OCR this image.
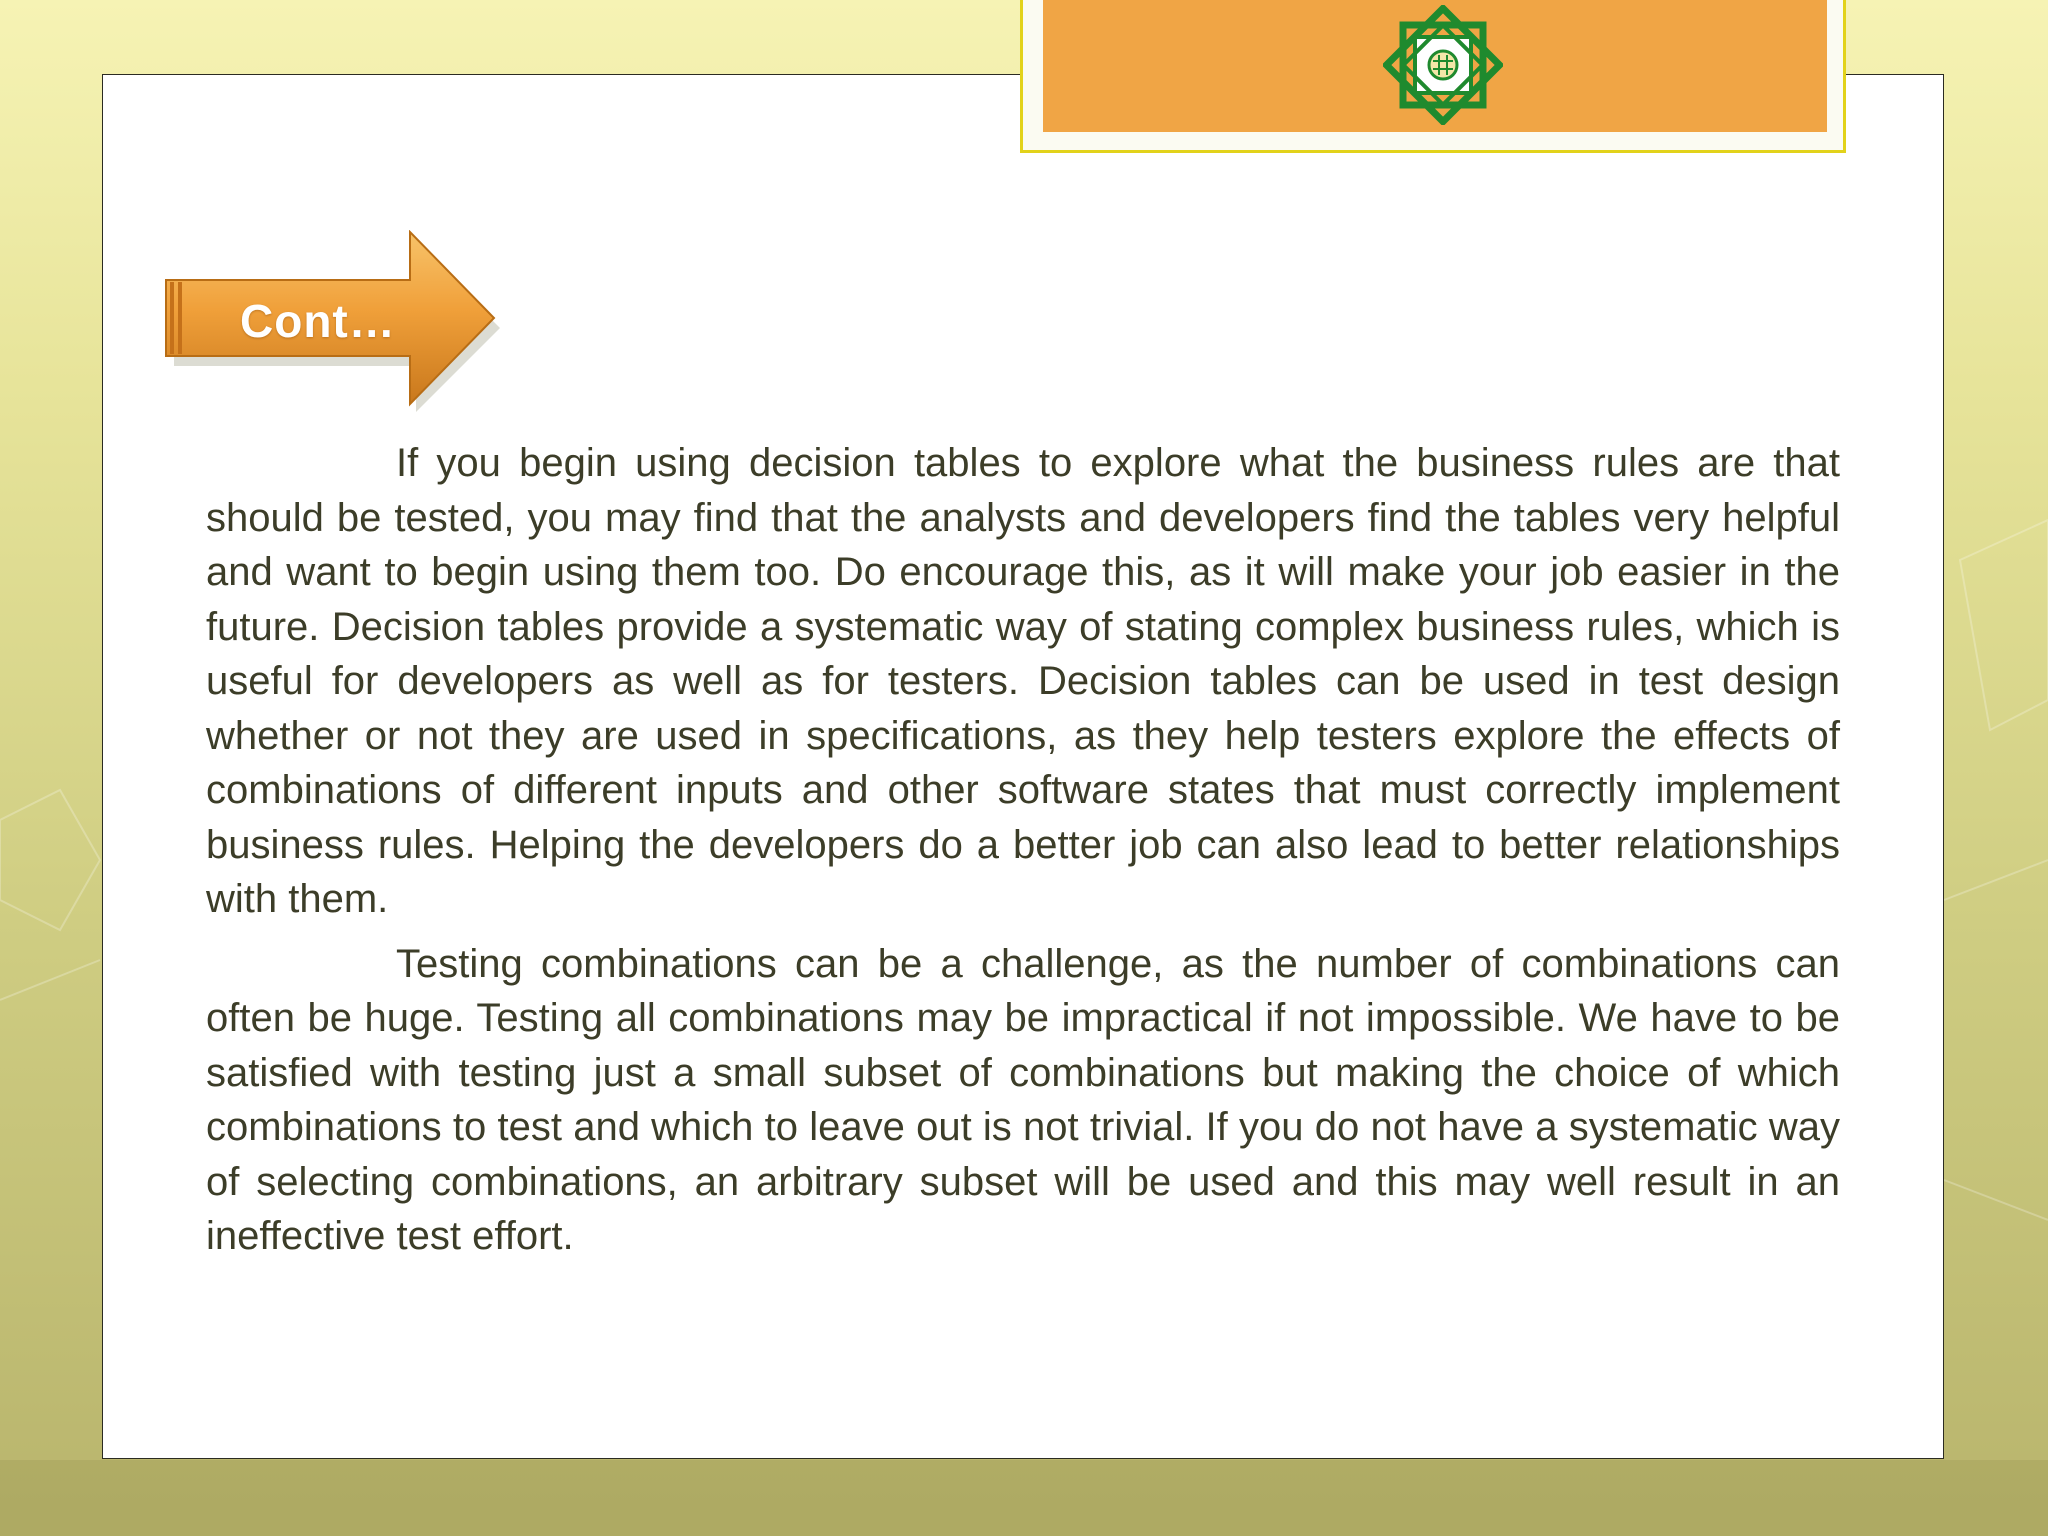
Cont…

If you begin using decision tables to explore what the business rules are that should be tested, you may find that the analysts and developers find the tables very helpful and want to begin using them too. Do encourage this, as it will make your job easier in the future. Decision tables provide a systematic way of stating complex business rules, which is useful for developers as well as for testers. Decision tables can be used in test design whether or not they are used in specifications, as they help testers explore the effects of combinations of different inputs and other software states that must correctly implement business rules. Helping the developers do a better job can also lead to better relationships with them.

Testing combinations can be a challenge, as the number of combinations can often be huge. Testing all combinations may be impractical if not impossible. We have to be satisfied with testing just a small subset of combinations but making the choice of which combinations to test and which to leave out is not trivial. If you do not have a systematic way of selecting combinations, an arbitrary subset will be used and this may well result in an ineffective test effort.
